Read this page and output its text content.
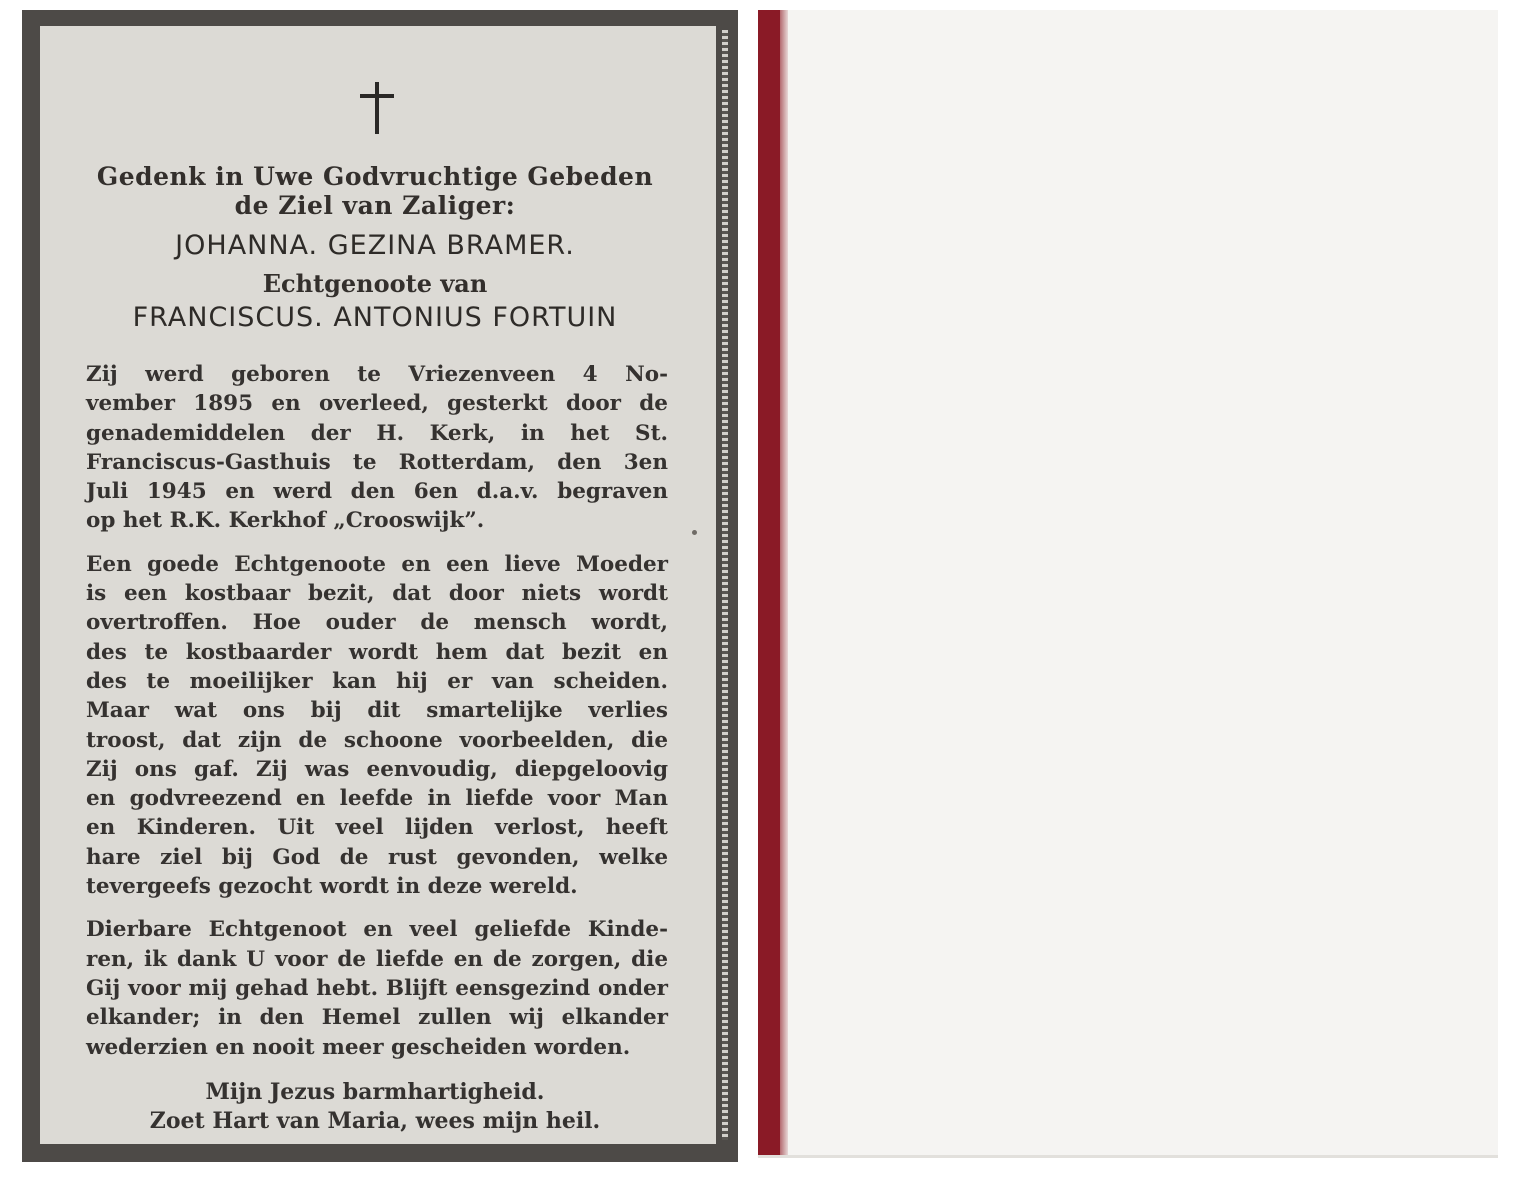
Gedenk in Uwe Godvruchtige Gebeden
de Ziel van Zaliger:
JOHANNA. GEZINA BRAMER.
Echtgenoote van
FRANCISCUS. ANTONIUS FORTUIN
Zij werd geboren te Vriezenveen 4 No-
vember 1895 en overleed, gesterkt door de
genademiddelen der H. Kerk, in het St.
Franciscus-Gasthuis te Rotterdam, den 3en
Juli 1945 en werd den 6en d.a.v. begraven
op het R.K. Kerkhof „Crooswijk”.
Een goede Echtgenoote en een lieve Moeder
is een kostbaar bezit, dat door niets wordt
overtroffen. Hoe ouder de mensch wordt,
des te kostbaarder wordt hem dat bezit en
des te moeilijker kan hij er van scheiden.
Maar wat ons bij dit smartelijke verlies
troost, dat zijn de schoone voorbeelden, die
Zij ons gaf. Zij was eenvoudig, diepgeloovig
en godvreezend en leefde in liefde voor Man
en Kinderen. Uit veel lijden verlost, heeft
hare ziel bij God de rust gevonden, welke
tevergeefs gezocht wordt in deze wereld.
Dierbare Echtgenoot en veel geliefde Kinde-
ren, ik dank U voor de liefde en de zorgen, die
Gij voor mij gehad hebt. Blijft eensgezind onder
elkander; in den Hemel zullen wij elkander
wederzien en nooit meer gescheiden worden.
Mijn Jezus barmhartigheid.
Zoet Hart van Maria, wees mijn heil.
